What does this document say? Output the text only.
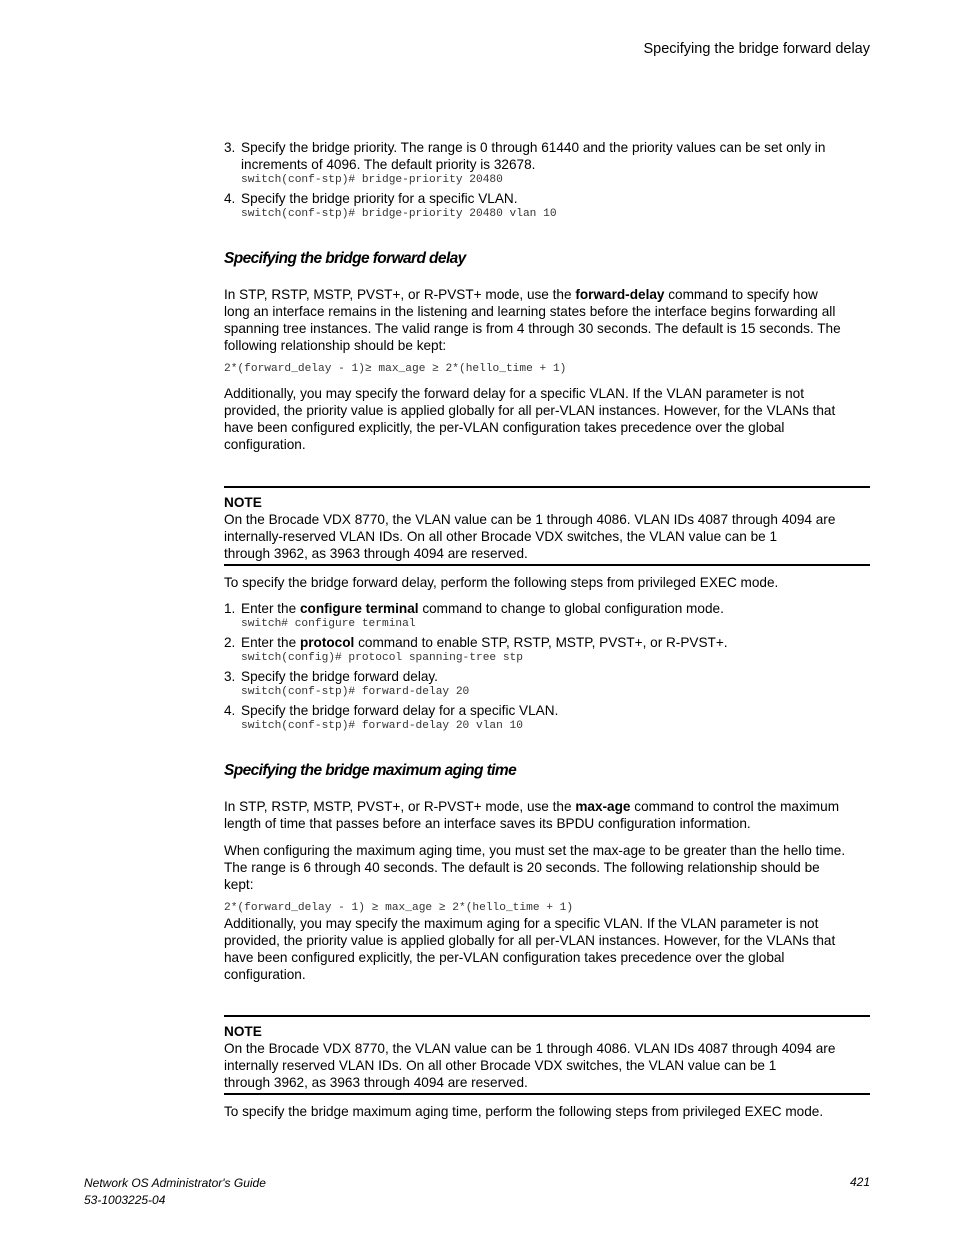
Specifying the bridge forward delay
3. Specify the bridge priority. The range is 0 through 61440 and the priority values can be set only in

increments of 4096. The default priority is 32678.

switch(conf-stp)# bridge-priority 20480

4. Specify the bridge priority for a specific VLAN.

switch(conf-stp)# bridge-priority 20480 vlan 10

Specifying the bridge forward delay

In STP, RSTP, MSTP, PVST+, or R-PVST+ mode, use the forward-delay command to specify how

long an interface remains in the listening and learning states before the interface begins forwarding all

spanning tree instances. The valid range is from 4 through 30 seconds. The default is 15 seconds. The

following relationship should be kept:

2*(forward_delay - 1)≥ max_age ≥ 2*(hello_time + 1)

Additionally, you may specify the forward delay for a specific VLAN. If the VLAN parameter is not

provided, the priority value is applied globally for all per-VLAN instances. However, for the VLANs that

have been configured explicitly, the per-VLAN configuration takes precedence over the global

configuration.

NOTE

On the Brocade VDX 8770, the VLAN value can be 1 through 4086. VLAN IDs 4087 through 4094 are

internally-reserved VLAN IDs. On all other Brocade VDX switches, the VLAN value can be 1

through 3962, as 3963 through 4094 are reserved.

To specify the bridge forward delay, perform the following steps from privileged EXEC mode.

1. Enter the configure terminal command to change to global configuration mode.

switch# configure terminal

2. Enter the protocol command to enable STP, RSTP, MSTP, PVST+, or R-PVST+.

switch(config)# protocol spanning-tree stp

3. Specify the bridge forward delay.

switch(conf-stp)# forward-delay 20

4. Specify the bridge forward delay for a specific VLAN.

switch(conf-stp)# forward-delay 20 vlan 10

Specifying the bridge maximum aging time

In STP, RSTP, MSTP, PVST+, or R-PVST+ mode, use the max-age command to control the maximum

length of time that passes before an interface saves its BPDU configuration information.

When configuring the maximum aging time, you must set the max-age to be greater than the hello time.

The range is 6 through 40 seconds. The default is 20 seconds. The following relationship should be

kept:

2*(forward_delay - 1) ≥ max_age ≥ 2*(hello_time + 1)

Additionally, you may specify the maximum aging for a specific VLAN. If the VLAN parameter is not

provided, the priority value is applied globally for all per-VLAN instances. However, for the VLANs that

have been configured explicitly, the per-VLAN configuration takes precedence over the global

configuration.

NOTE

On the Brocade VDX 8770, the VLAN value can be 1 through 4086. VLAN IDs 4087 through 4094 are

internally reserved VLAN IDs. On all other Brocade VDX switches, the VLAN value can be 1

through 3962, as 3963 through 4094 are reserved.

To specify the bridge maximum aging time, perform the following steps from privileged EXEC mode.

Network OS Administrator's Guide
53-1003225-04
421
